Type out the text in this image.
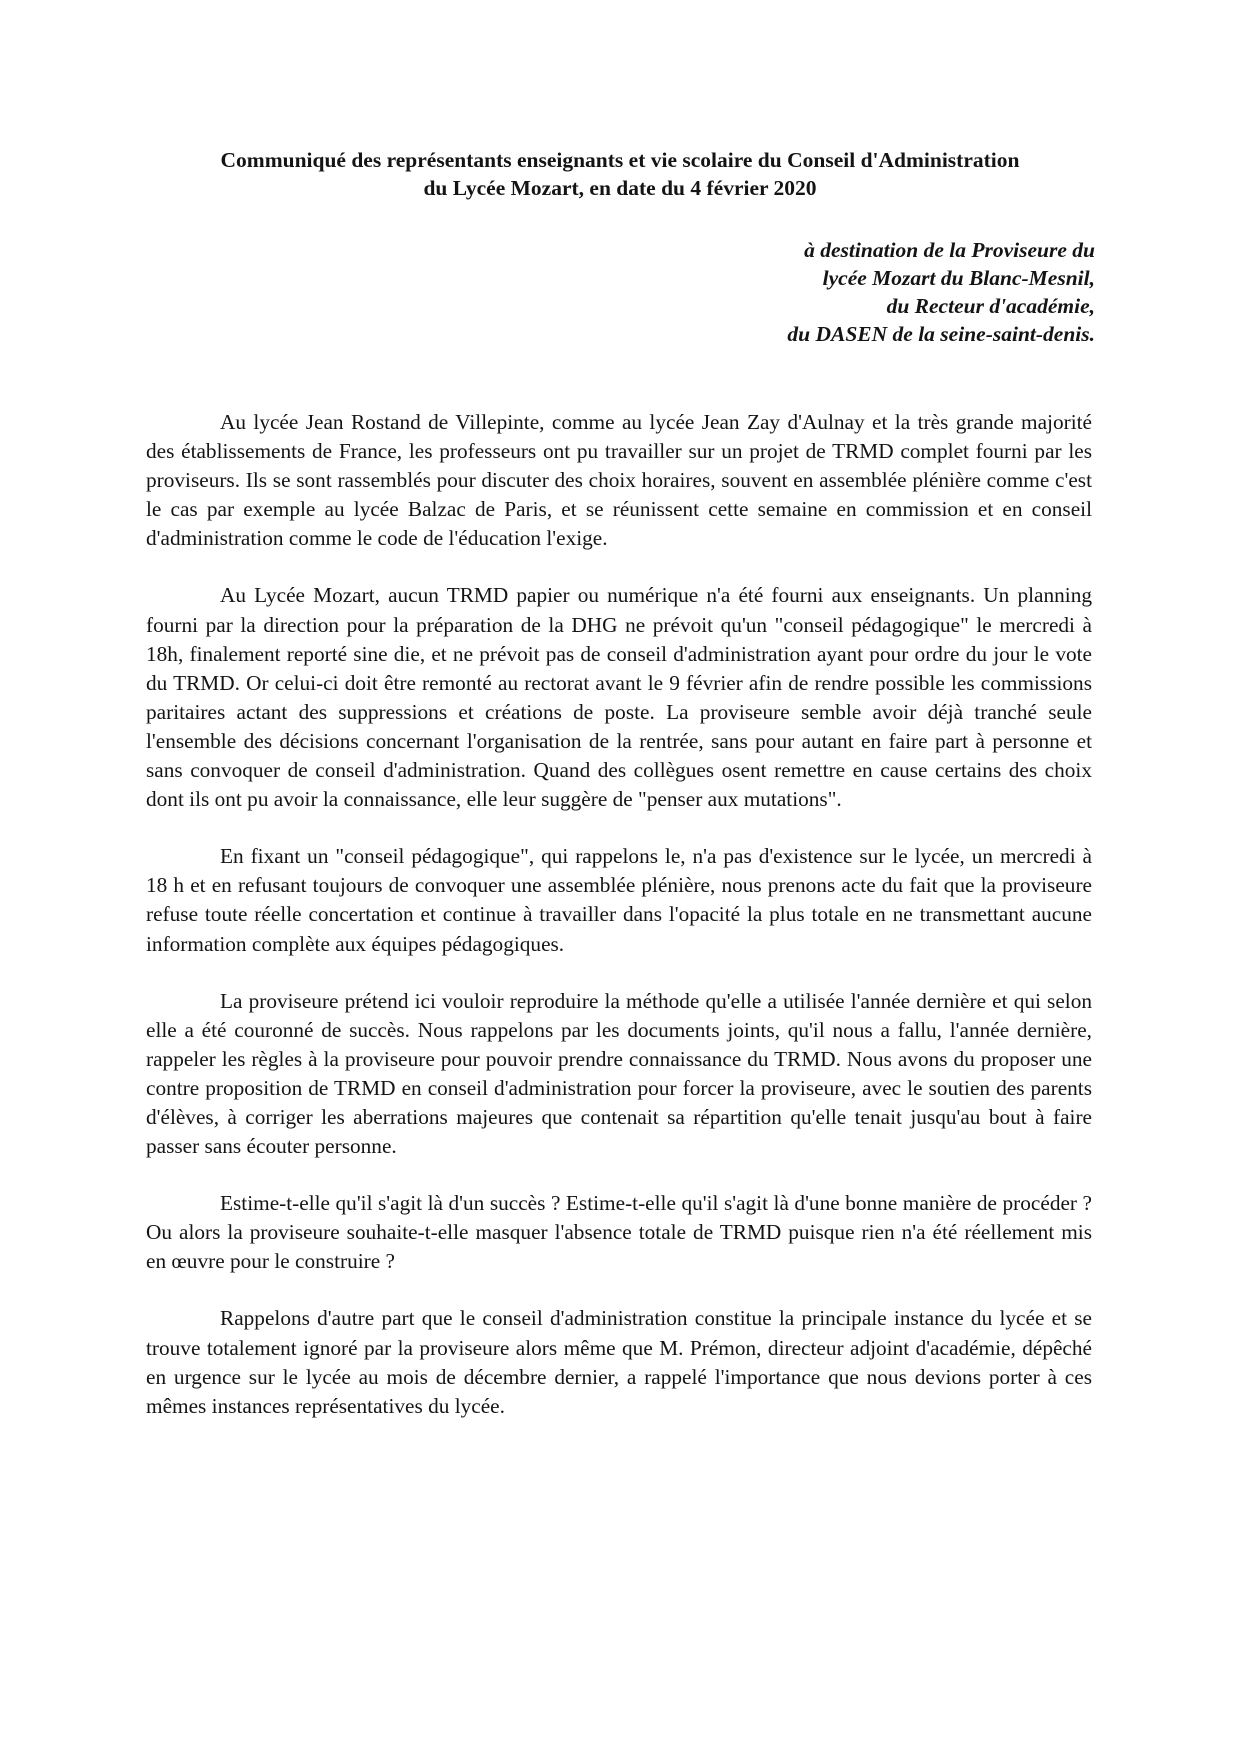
Communiqué des représentants enseignants et vie scolaire du Conseil d'Administration
du Lycée Mozart, en date du 4 février 2020
à destination de la Proviseure du
lycée Mozart du Blanc-Mesnil,
du Recteur d'académie,
du DASEN de la seine-saint-denis.

Au lycée Jean Rostand de Villepinte, comme au lycée Jean Zay d'Aulnay et la très grande majorité des établissements de France, les professeurs ont pu travailler sur un projet de TRMD complet fourni par les proviseurs. Ils se sont rassemblés pour discuter des choix horaires, souvent en assemblée plénière comme c'est le cas par exemple au lycée Balzac de Paris, et se réunissent cette semaine en commission et en conseil d'administration comme le code de l'éducation l'exige.

Au Lycée Mozart, aucun TRMD papier ou numérique n'a été fourni aux enseignants. Un planning fourni par la direction pour la préparation de la DHG ne prévoit qu'un "conseil pédagogique" le mercredi à 18h, finalement reporté sine die, et ne prévoit pas de conseil d'administration ayant pour ordre du jour le vote du TRMD. Or celui-ci doit être remonté au rectorat avant le 9 février afin de rendre possible les commissions paritaires actant des suppressions et créations de poste. La proviseure semble avoir déjà tranché seule l'ensemble des décisions concernant l'organisation de la rentrée, sans pour autant en faire part à personne et sans convoquer de conseil d'administration. Quand des collègues osent remettre en cause certains des choix dont ils ont pu avoir la connaissance, elle leur suggère de "penser aux mutations".

En fixant un "conseil pédagogique", qui rappelons le, n'a pas d'existence sur le lycée, un mercredi à 18 h et en refusant toujours de convoquer une assemblée plénière, nous prenons acte du fait que la proviseure refuse toute réelle concertation et continue à travailler dans l'opacité la plus totale en ne transmettant aucune information complète aux équipes pédagogiques.

La proviseure prétend ici vouloir reproduire la méthode qu'elle a utilisée l'année dernière et qui selon elle a été couronné de succès. Nous rappelons par les documents joints, qu'il nous a fallu, l'année dernière, rappeler les règles à la proviseure pour pouvoir prendre connaissance du TRMD. Nous avons du proposer une contre proposition de TRMD en conseil d'administration pour forcer la proviseure, avec le soutien des parents d'élèves, à corriger les aberrations majeures que contenait sa répartition qu'elle tenait jusqu'au bout à faire passer sans écouter personne.

Estime-t-elle qu'il s'agit là d'un succès ? Estime-t-elle qu'il s'agit là d'une bonne manière de procéder ? Ou alors la proviseure souhaite-t-elle masquer l'absence totale de TRMD puisque rien n'a été réellement mis en œuvre pour le construire ?

Rappelons d'autre part que le conseil d'administration constitue la principale instance du lycée et se trouve totalement ignoré par la proviseure alors même que M. Prémon, directeur adjoint d'académie, dépêché en urgence sur le lycée au mois de décembre dernier, a rappelé l'importance que nous devions porter à ces mêmes instances représentatives du lycée.
